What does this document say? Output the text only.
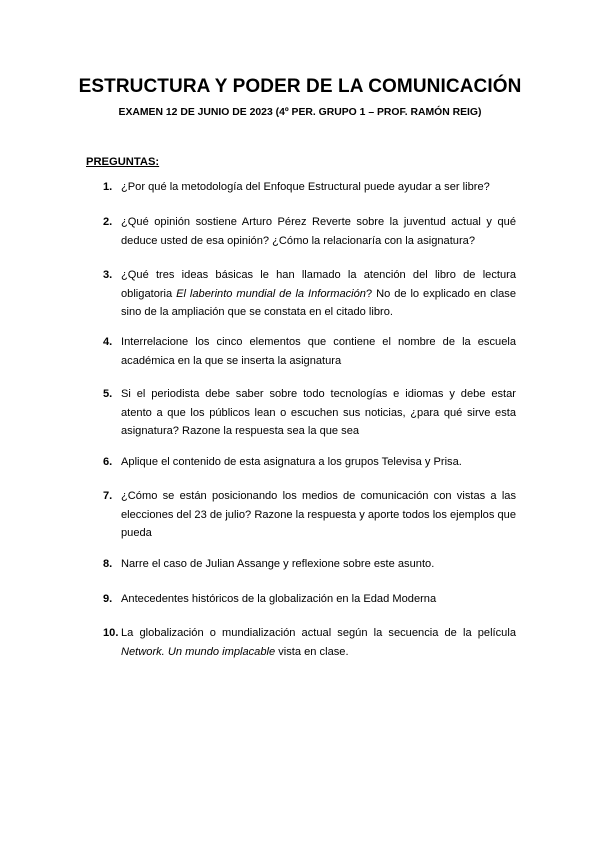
ESTRUCTURA Y PODER DE LA COMUNICACIÓN

EXAMEN 12 DE JUNIO DE 2023 (4º PER. GRUPO 1 – PROF. RAMÓN REIG)

PREGUNTAS:

1. ¿Por qué la metodología del Enfoque Estructural puede ayudar a ser libre?
2. ¿Qué opinión sostiene Arturo Pérez Reverte sobre la juventud actual y qué deduce usted de esa opinión? ¿Cómo la relacionaría con la asignatura?
3. ¿Qué tres ideas básicas le han llamado la atención del libro de lectura obligatoria El laberinto mundial de la Información? No de lo explicado en clase sino de la ampliación que se constata en el citado libro.
4. Interrelacione los cinco elementos que contiene el nombre de la escuela académica en la que se inserta la asignatura
5. Si el periodista debe saber sobre todo tecnologías e idiomas y debe estar atento a que los públicos lean o escuchen sus noticias, ¿para qué sirve esta asignatura? Razone la respuesta sea la que sea
6. Aplique el contenido de esta asignatura a los grupos Televisa y Prisa.
7. ¿Cómo se están posicionando los medios de comunicación con vistas a las elecciones del 23 de julio? Razone la respuesta y aporte todos los ejemplos que pueda
8. Narre el caso de Julian Assange y reflexione sobre este asunto.
9. Antecedentes históricos de la globalización en la Edad Moderna
10. La globalización o mundialización actual según la secuencia de la película Network. Un mundo implacable vista en clase.
